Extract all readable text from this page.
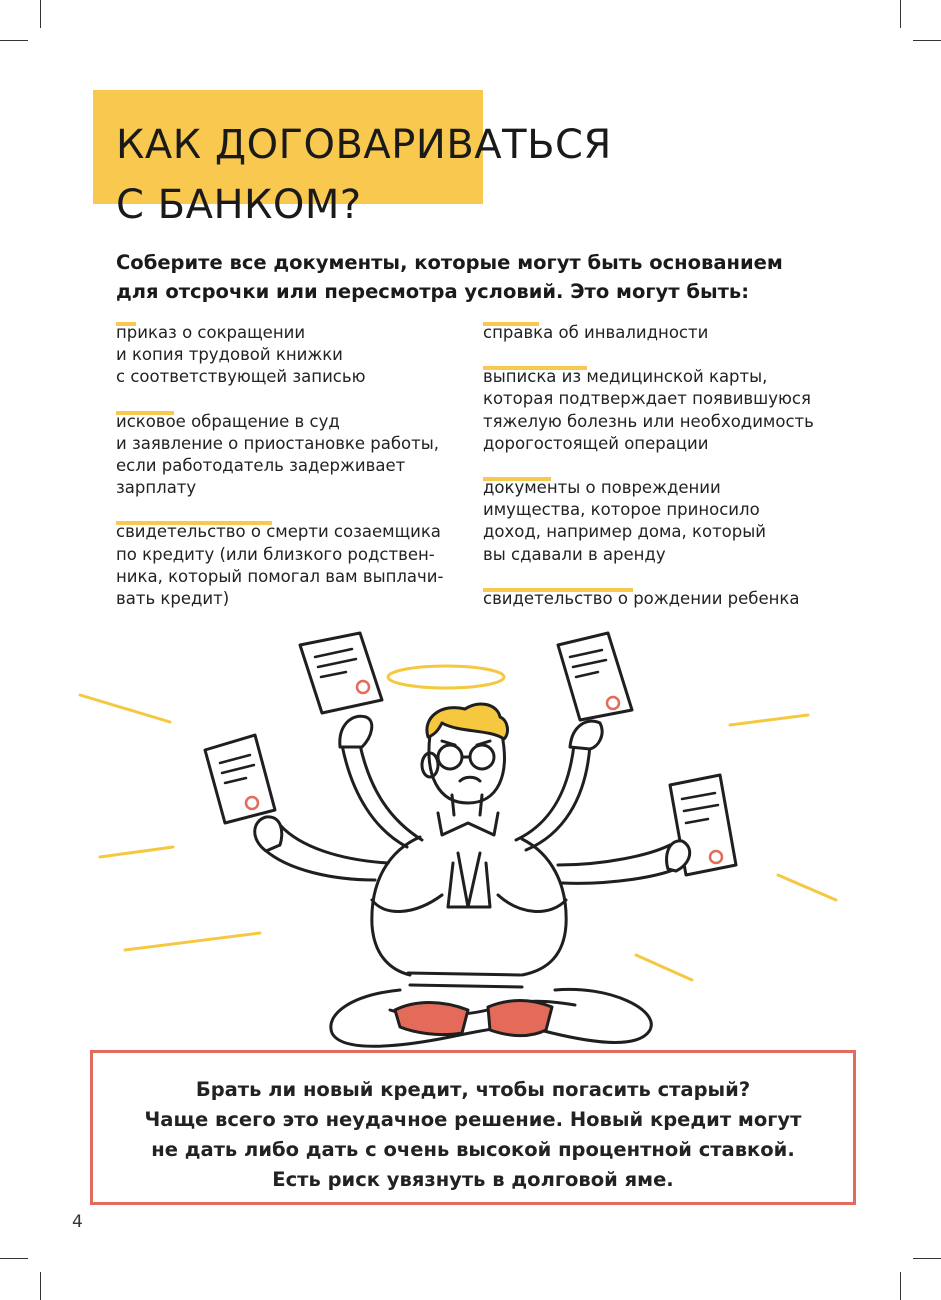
КАК ДОГОВАРИВАТЬСЯ
С БАНКОМ?

Соберите все документы, которые могут быть основанием
для отсрочки или пересмотра условий. Это могут быть:

приказ о сокращении
и копия трудовой книжки
с соответствующей записью
исковое обращение в суд
и заявление о приостановке работы,
если работодатель задерживает
зарплату
свидетельство о смерти созаемщика
по кредиту (или близкого родствен-
ника, который помогал вам выплачи-
вать кредит)
справка об инвалидности
выписка из медицинской карты,
которая подтверждает появившуюся
тяжелую болезнь или необходимость
дорогостоящей операции
документы о повреждении
имущества, которое приносило
доход, например дома, который
вы сдавали в аренду
свидетельство о рождении ребенка

Брать ли новый кредит, чтобы погасить старый?
Чаще всего это неудачное решение. Новый кредит могут
не дать либо дать с очень высокой процентной ставкой.
Есть риск увязнуть в долговой яме.

4
